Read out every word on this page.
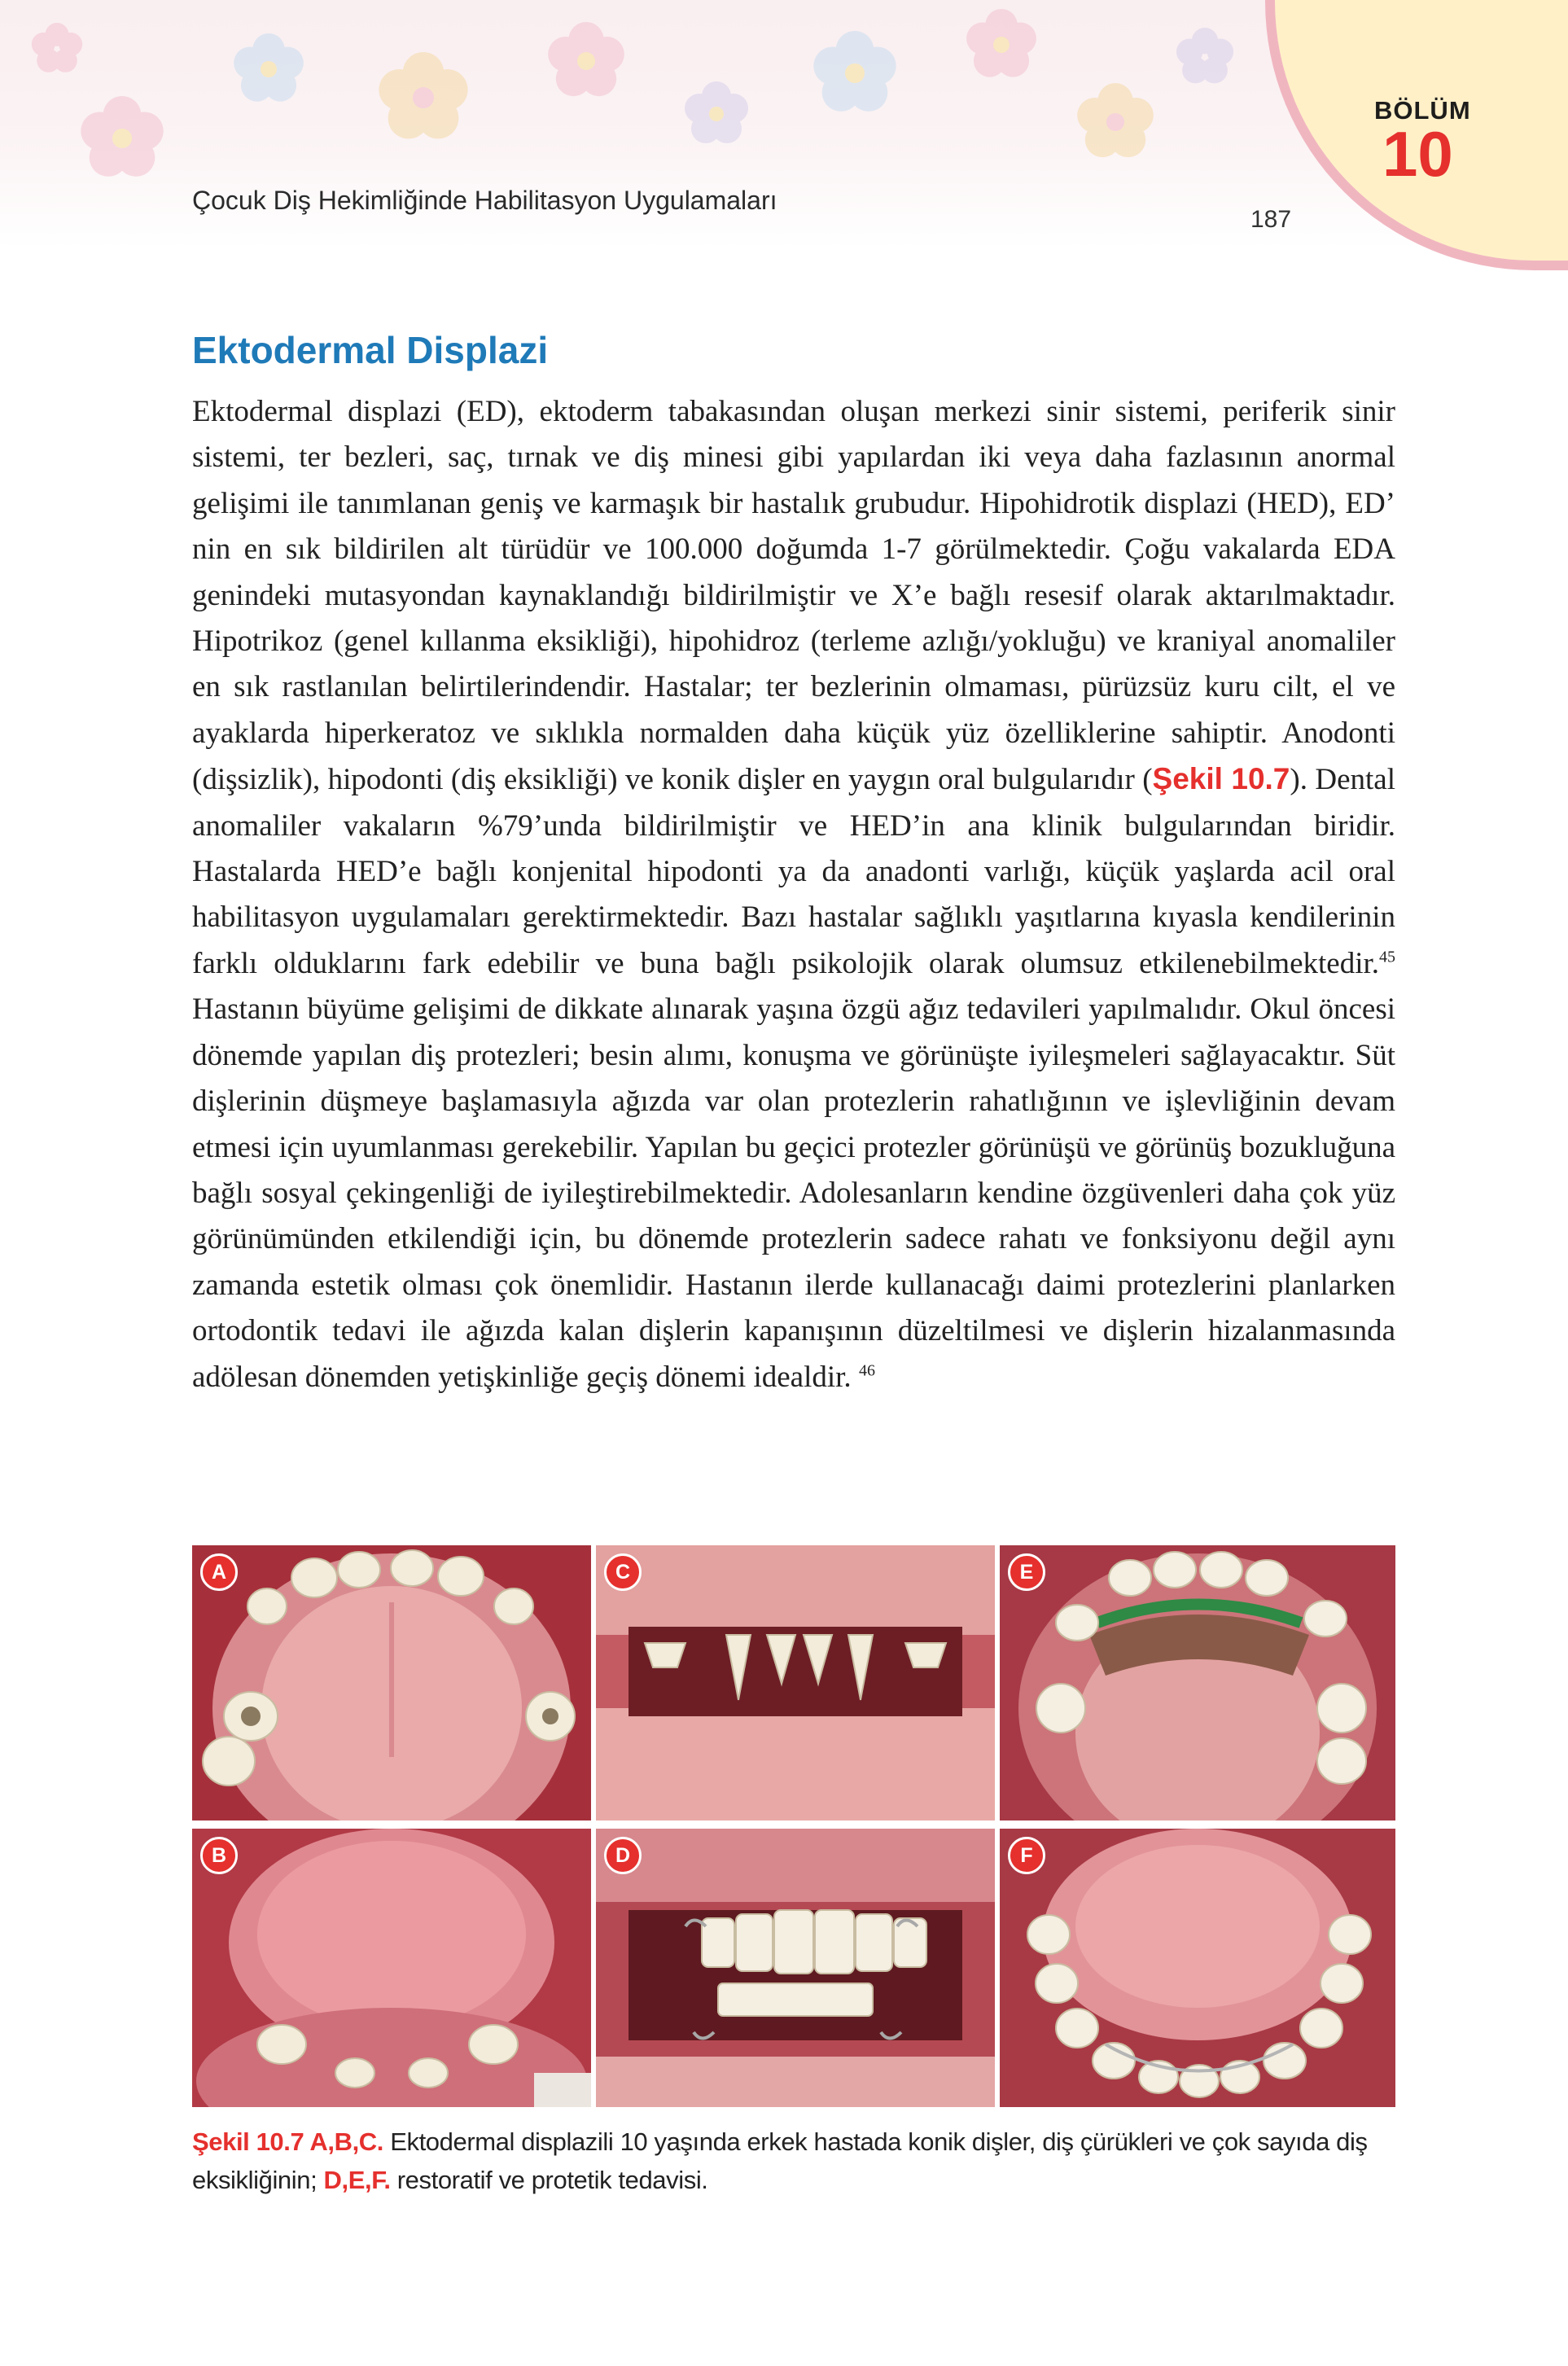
BÖLÜM
10
Çocuk Diş Hekimliğinde Habilitasyon Uygulamaları
187
Ektodermal Displazi

Ektodermal displazi (ED), ektoderm tabakasından oluşan merkezi sinir sistemi, periferik sinir sistemi, ter bezleri, saç, tırnak ve diş minesi gibi yapılardan iki veya daha fazlasının anormal gelişimi ile tanımlanan geniş ve karmaşık bir hastalık grubudur. Hipohidrotik displazi (HED), ED’ nin en sık bildirilen alt türüdür ve 100.000 doğumda 1-7 görülmektedir. Çoğu vakalarda EDA genindeki mutasyondan kaynaklandığı bildirilmiştir ve X’e bağlı resesif olarak aktarılmaktadır. Hipotrikoz (genel kıllanma eksikliği), hipohidroz (terleme azlığı/yokluğu) ve kraniyal anomaliler en sık rastlanılan belirtilerindendir. Hastalar; ter bezlerinin olmaması, pürüzsüz kuru cilt, el ve ayaklarda hiperkeratoz ve sıklıkla normalden daha küçük yüz özelliklerine sahiptir. Anodonti (dişsizlik), hipodonti (diş eksikliği) ve konik dişler en yaygın oral bulgularıdır (Şekil 10.7). Dental anomaliler vakaların %79’unda bildirilmiştir ve HED’in ana klinik bulgularından biridir. Hastalarda HED’e bağlı konjenital hipodonti ya da anadonti varlığı, küçük yaşlarda acil oral habilitasyon uygulamaları gerektirmektedir. Bazı hastalar sağlıklı yaşıtlarına kıyasla kendilerinin farklı olduklarını fark edebilir ve buna bağlı psikolojik olarak olumsuz etkilenebilmektedir.$^{45}$ Hastanın büyüme gelişimi de dikkate alınarak yaşına özgü ağız tedavileri yapılmalıdır. Okul öncesi dönemde yapılan diş protezleri; besin alımı, konuşma ve görünüşte iyileşmeleri sağlayacaktır. Süt dişlerinin düşmeye başlamasıyla ağızda var olan protezlerin rahatlığının ve işlevliğinin devam etmesi için uyumlanması gerekebilir. Yapılan bu geçici protezler görünüşü ve görünüş bozukluğuna bağlı sosyal çekingenliği de iyileştirebilmektedir. Adolesanların kendine özgüvenleri daha çok yüz görünümünden etkilendiği için, bu dönemde protezlerin sadece rahatı ve fonksiyonu değil aynı zamanda estetik olması çok önemlidir. Hastanın ilerde kullanacağı daimi protezlerini planlarken ortodontik tedavi ile ağızda kalan dişlerin kapanışının düzeltilmesi ve dişlerin hizalanmasında adölesan dönemden yetişkinliğe geçiş dönemi idealdir. $^{46}$

A
B
C
D
E
F

Şekil 10.7 A,B,C. Ektodermal displazili 10 yaşında erkek hastada konik dişler, diş çürükleri ve çok sayıda diş eksikliğinin; D,E,F. restoratif ve protetik tedavisi.
